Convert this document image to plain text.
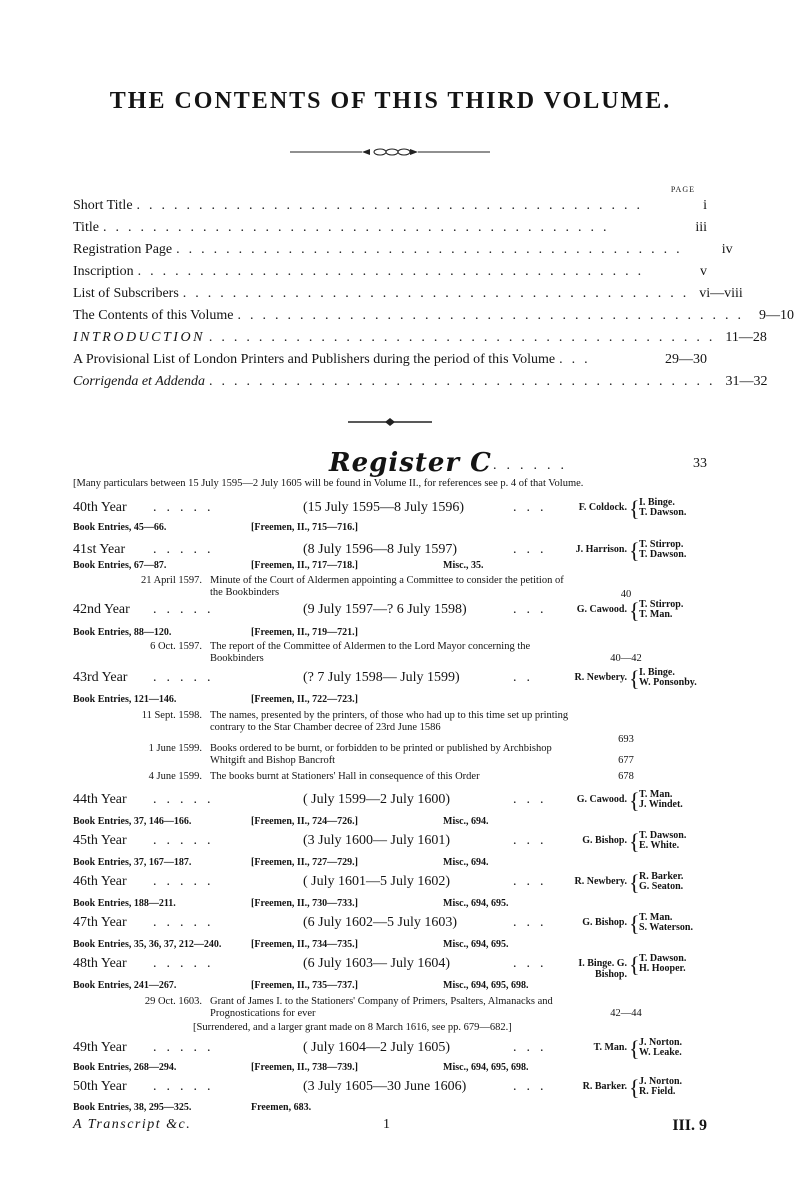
THE CONTENTS OF THIS THIRD VOLUME.
PAGE
Short Title .........................................	i
Title .........................................	iii
Registration Page .........................................	iv
Inscription .........................................	v
List of Subscribers ......................................... vi—viii
The Contents of this Volume ......................................... 9—10
INTRODUCTION ......................................... 11—28
A Provisional List of London Printers and Publishers during the period of this Volume ...	29—30
Corrigenda et Addenda ......................................... 31—32
Register C ......	33
[Many particulars between 15 July 1595—2 July 1605 will be found in Volume II., for references see p. 4 of that Volume.
40th Year .....	(15 July 1595—8 July 1596)	...	F. Coldock. { I. Binge.
T. Dawson.
Book Entries, 45—66.	[Freemen, II., 715—716.]
41st Year .....	(8 July 1596—8 July 1597)	... J. Harrison. { T. Stirrop.
T. Dawson.
Book Entries, 67—87.	[Freemen, II., 717—718.]	Misc., 35.
21 April 1597. Minute of the Court of Aldermen appointing a Committee to consider the petition of the Bookbinders	40
42nd Year .....	(9 July 1597—? 6 July 1598)	... G. Cawood. { T. Stirrop.
T. Man.
Book Entries, 88—120.	[Freemen, II., 719—721.]
6 Oct. 1597. The report of the Committee of Aldermen to the Lord Mayor concerning the Bookbinders	40—42
43rd Year .....	(? 7 July 1598— July 1599)	..	R. Newbery. { I. Binge.
W. Ponsonby.
Book Entries, 121—146.	[Freemen, II., 722—723.]
11 Sept. 1598. The names, presented by the printers, of those who had up to this time set up printing contrary to the Star Chamber decree of 23rd June 1586
693
1 June 1599. Books ordered to be burnt, or forbidden to be printed or published by Archbishop Whitgift and Bishop Bancroft	677
4 June 1599. The books burnt at Stationers' Hall in consequence of this Order	678
44th Year .....	( July 1599—2 July 1600)	... G. Cawood. { T. Man.
J. Windet.
Book Entries, 37, 146—166.	[Freemen, II., 724—726.]	Misc., 694.
45th Year .....	(3 July 1600— July 1601)	...	G. Bishop. { T. Dawson.
E. White.
Book Entries, 37, 167—187.	[Freemen, II., 727—729.]	Misc., 694.
46th Year .....	( July 1601—5 July 1602)	... R. Newbery. { R. Barker.
G. Seaton.
Book Entries, 188—211.	[Freemen, II., 730—733.]	Misc., 694, 695.
47th Year .....	(6 July 1602—5 July 1603)	...	G. Bishop. { T. Man.
S. Waterson.
Book Entries, 35, 36, 37, 212—240.	[Freemen, II., 734—735.]	Misc., 694, 695.
48th Year .....	(6 July 1603— July 1604)	...	I. Binge. G. Bishop. { T. Dawson.
H. Hooper.
Book Entries, 241—267.	[Freemen, II., 735—737.]	Misc., 694, 695, 698.
29 Oct. 1603. Grant of James I. to the Stationers' Company of Primers, Psalters, Almanacks and Prognostications for ever	42—44
[Surrendered, and a larger grant made on 8 March 1616, see pp. 679—682.]
49th Year .....	( July 1604—2 July 1605)	...	T. Man. { J. Norton.
W. Leake.
Book Entries, 268—294.	[Freemen, II., 738—739.]	Misc., 694, 695, 698.
50th Year .....	(3 July 1605—30 June 1606)	...	R. Barker. { J. Norton.
R. Field.
Book Entries, 38, 295—325.	Freemen, 683.
A Transcript &c.	1	III. 9
